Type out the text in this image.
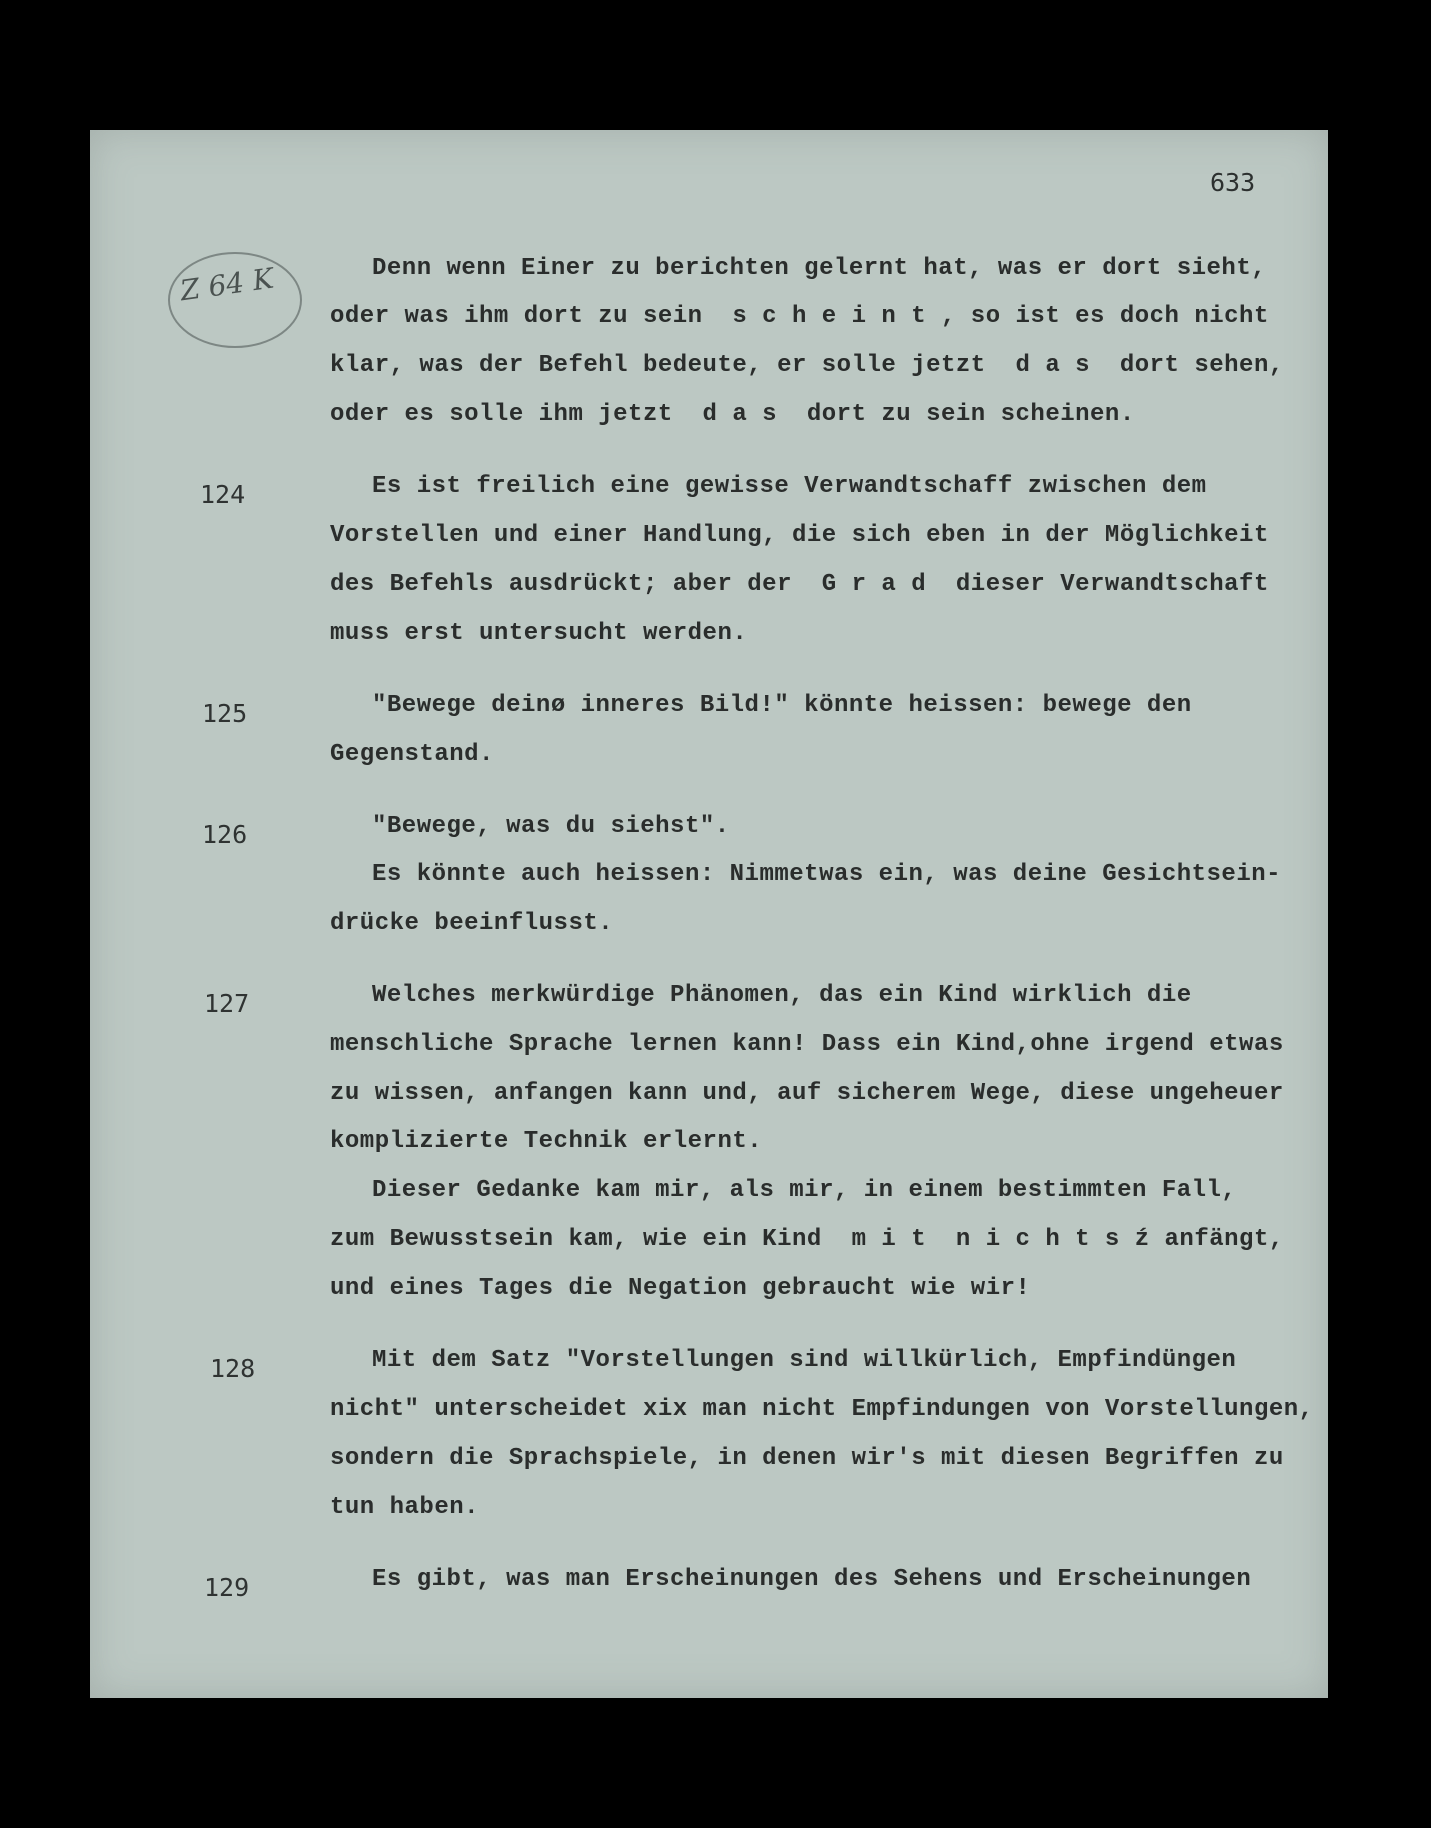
633
Z 64 K	Denn wenn Einer zu berichten gelernt hat, was er dort sieht,
oder was ihm dort zu sein  s c h e i n t , so ist es doch nicht
klar, was der Befehl bedeute, er solle jetzt  d a s  dort sehen,
oder es solle ihm jetzt  d a s  dort zu sein scheinen.
124	Es ist freilich eine gewisse Verwandtschaff zwischen dem
Vorstellen und einer Handlung, die sich eben in der Möglichkeit
des Befehls ausdrückt; aber der  G r a d  dieser Verwandtschaft
muss erst untersucht werden.
125	"Bewege deinø inneres Bild!" könnte heissen: bewege den
Gegenstand.
126	"Bewege, was du siehst".
Es könnte auch heissen: Nimmetwas ein, was deine Gesichtsein-
drücke beeinflusst.
127	Welches merkwürdige Phänomen, das ein Kind wirklich die
menschliche Sprache lernen kann! Dass ein Kind,ohne irgend etwas
zu wissen, anfangen kann und, auf sicherem Wege, diese ungeheuer
komplizierte Technik erlernt.
Dieser Gedanke kam mir, als mir, in einem bestimmten Fall,
zum Bewusstsein kam, wie ein Kind  m i t  n i c h t s ź anfängt,
und eines Tages die Negation gebraucht wie wir!
128	Mit dem Satz "Vorstellungen sind willkürlich, Empfindüngen
nicht" unterscheidet xix man nicht Empfindungen von Vorstellungen,
sondern die Sprachspiele, in denen wir's mit diesen Begriffen zu
tun haben.
129	Es gibt, was man Erscheinungen des Sehens und Erscheinungen
